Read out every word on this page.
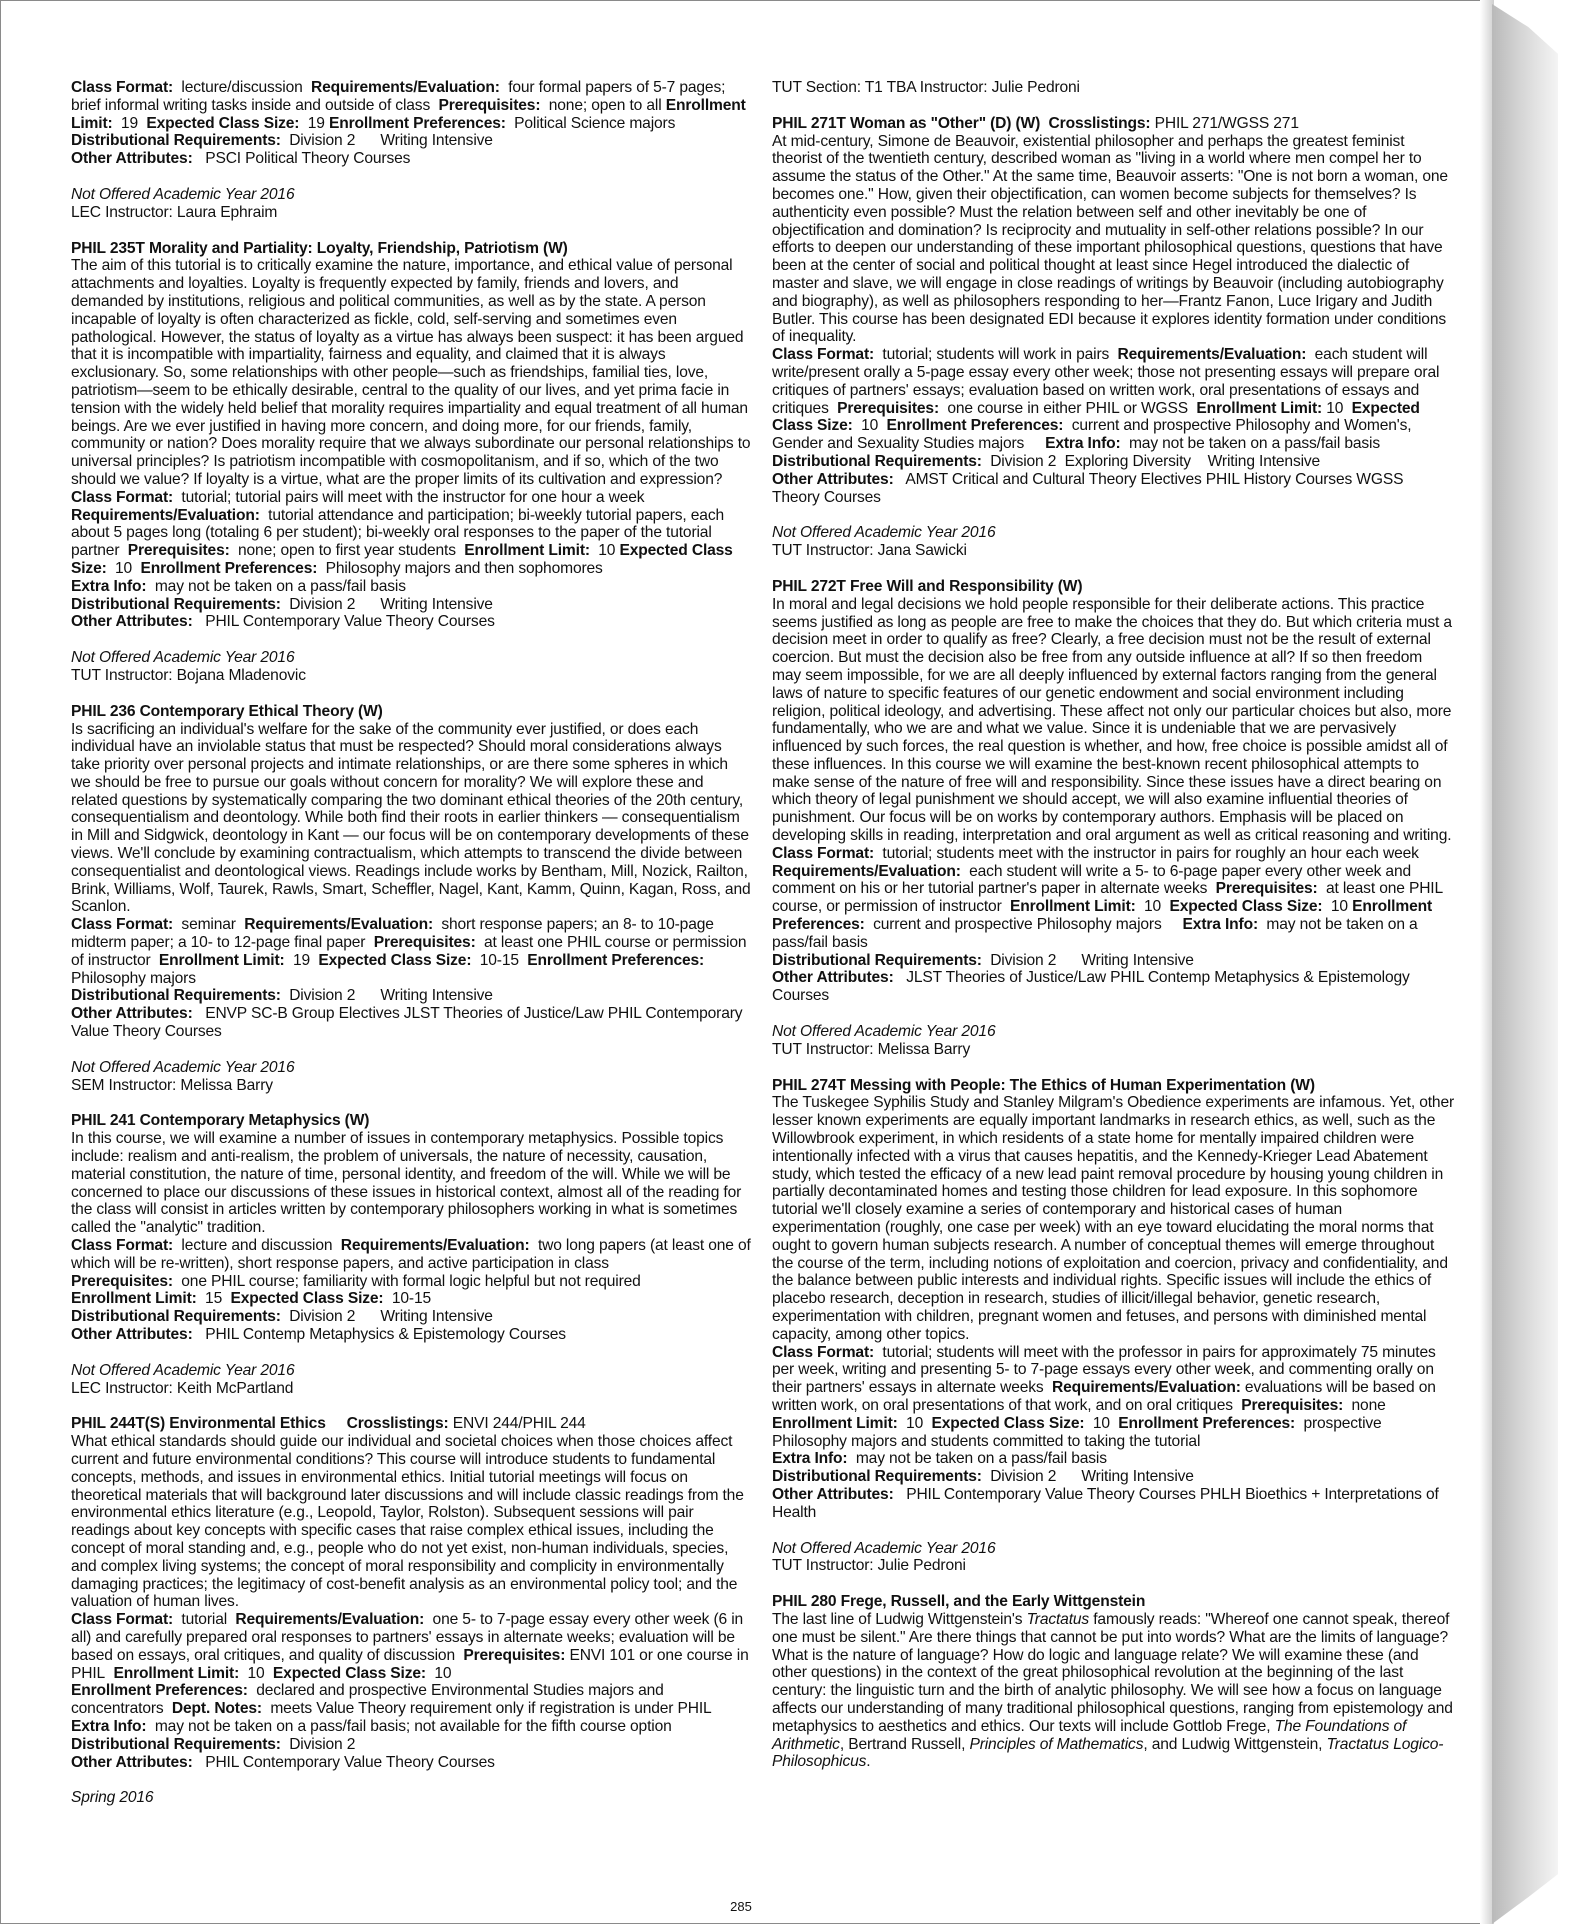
Class Format: lecture/discussion Requirements/Evaluation: four formal papers of 5-7 pages; brief informal writing tasks inside and outside of class Prerequisites: none; open to all Enrollment Limit: 19 Expected Class Size: 19 Enrollment Preferences: Political Science majors

Distributional Requirements: Division 2      Writing Intensive

Other Attributes: PSCI Political Theory Courses

Not Offered Academic Year 2016

LEC Instructor: Laura Ephraim

PHIL 235T Morality and Partiality: Loyalty, Friendship, Patriotism (W)

The aim of this tutorial is to critically examine the nature, importance, and ethical value of personal attachments and loyalties. Loyalty is frequently expected by family, friends and lovers, and demanded by institutions, religious and political communities, as well as by the state. A person incapable of loyalty is often characterized as fickle, cold, self-serving and sometimes even pathological. However, the status of loyalty as a virtue has always been suspect: it has been argued that it is incompatible with impartiality, fairness and equality, and claimed that it is always exclusionary. So, some relationships with other people—such as friendships, familial ties, love, patriotism—seem to be ethically desirable, central to the quality of our lives, and yet prima facie in tension with the widely held belief that morality requires impartiality and equal treatment of all human beings. Are we ever justified in having more concern, and doing more, for our friends, family, community or nation? Does morality require that we always subordinate our personal relationships to universal principles? Is patriotism incompatible with cosmopolitanism, and if so, which of the two should we value? If loyalty is a virtue, what are the proper limits of its cultivation and expression?

Class Format: tutorial; tutorial pairs will meet with the instructor for one hour a week Requirements/Evaluation: tutorial attendance and participation; bi-weekly tutorial papers, each about 5 pages long (totaling 6 per student); bi-weekly oral responses to the paper of the tutorial partner Prerequisites: none; open to first year students Enrollment Limit: 10 Expected Class Size: 10 Enrollment Preferences: Philosophy majors and then sophomores

Extra Info: may not be taken on a pass/fail basis

Distributional Requirements: Division 2      Writing Intensive

Other Attributes: PHIL Contemporary Value Theory Courses

Not Offered Academic Year 2016

TUT Instructor: Bojana Mladenovic

PHIL 236 Contemporary Ethical Theory (W)

Is sacrificing an individual's welfare for the sake of the community ever justified, or does each individual have an inviolable status that must be respected? Should moral considerations always take priority over personal projects and intimate relationships, or are there some spheres in which we should be free to pursue our goals without concern for morality? We will explore these and related questions by systematically comparing the two dominant ethical theories of the 20th century, consequentialism and deontology. While both find their roots in earlier thinkers — consequentialism in Mill and Sidgwick, deontology in Kant — our focus will be on contemporary developments of these views. We'll conclude by examining contractualism, which attempts to transcend the divide between consequentialist and deontological views. Readings include works by Bentham, Mill, Nozick, Railton, Brink, Williams, Wolf, Taurek, Rawls, Smart, Scheffler, Nagel, Kant, Kamm, Quinn, Kagan, Ross, and Scanlon.

Class Format: seminar Requirements/Evaluation: short response papers; an 8- to 10-page midterm paper; a 10- to 12-page final paper Prerequisites: at least one PHIL course or permission of instructor Enrollment Limit: 19 Expected Class Size: 10-15 Enrollment Preferences:  Philosophy majors

Distributional Requirements: Division 2      Writing Intensive

Other Attributes: ENVP SC-B Group Electives JLST Theories of Justice/Law PHIL Contemporary Value Theory Courses

Not Offered Academic Year 2016

SEM Instructor: Melissa Barry

PHIL 241 Contemporary Metaphysics (W)

In this course, we will examine a number of issues in contemporary metaphysics. Possible topics include: realism and anti-realism, the problem of universals, the nature of necessity, causation, material constitution, the nature of time, personal identity, and freedom of the will. While we will be concerned to place our discussions of these issues in historical context, almost all of the reading for the class will consist in articles written by contemporary philosophers working in what is sometimes called the "analytic" tradition.

Class Format: lecture and discussion Requirements/Evaluation: two long papers (at least one of which will be re-written), short response papers, and active participation in class

Prerequisites: one PHIL course; familiarity with formal logic helpful but not required

Enrollment Limit: 15 Expected Class Size: 10-15

Distributional Requirements: Division 2      Writing Intensive

Other Attributes: PHIL Contemp Metaphysics & Epistemology Courses

Not Offered Academic Year 2016

LEC Instructor: Keith McPartland

PHIL 244T(S) Environmental Ethics Crosslistings: ENVI 244/PHIL 244

What ethical standards should guide our individual and societal choices when those choices affect current and future environmental conditions? This course will introduce students to fundamental concepts, methods, and issues in environmental ethics. Initial tutorial meetings will focus on theoretical materials that will background later discussions and will include classic readings from the environmental ethics literature (e.g., Leopold, Taylor, Rolston). Subsequent sessions will pair readings about key concepts with specific cases that raise complex ethical issues, including the concept of moral standing and, e.g., people who do not yet exist, non-human individuals, species, and complex living systems; the concept of moral responsibility and complicity in environmentally damaging practices; the legitimacy of cost-benefit analysis as an environmental policy tool; and the valuation of human lives.

Class Format: tutorial Requirements/Evaluation: one 5- to 7-page essay every other week (6 in all) and carefully prepared oral responses to partners' essays in alternate weeks; evaluation will be based on essays, oral critiques, and quality of discussion Prerequisites: ENVI 101 or one course in PHIL Enrollment Limit: 10 Expected Class Size: 10

Enrollment Preferences: declared and prospective Environmental Studies majors and concentrators Dept. Notes: meets Value Theory requirement only if registration is under PHIL

Extra Info: may not be taken on a pass/fail basis; not available for the fifth course option

Distributional Requirements: Division 2

Other Attributes: PHIL Contemporary Value Theory Courses

Spring 2016

TUT Section: T1 TBA Instructor: Julie Pedroni

PHIL 271T Woman as "Other" (D) (W) Crosslistings: PHIL 271/WGSS 271

At mid-century, Simone de Beauvoir, existential philosopher and perhaps the greatest feminist theorist of the twentieth century, described woman as "living in a world where men compel her to assume the status of the Other." At the same time, Beauvoir asserts: "One is not born a woman, one becomes one." How, given their objectification, can women become subjects for themselves? Is authenticity even possible? Must the relation between self and other inevitably be one of objectification and domination? Is reciprocity and mutuality in self-other relations possible? In our efforts to deepen our understanding of these important philosophical questions, questions that have been at the center of social and political thought at least since Hegel introduced the dialectic of master and slave, we will engage in close readings of writings by Beauvoir (including autobiography and biography), as well as philosophers responding to her—Frantz Fanon, Luce Irigary and Judith Butler. This course has been designated EDI because it explores identity formation under conditions of inequality.

Class Format: tutorial; students will work in pairs Requirements/Evaluation: each student will write/present orally a 5-page essay every other week; those not presenting essays will prepare oral critiques of partners' essays; evaluation based on written work, oral presentations of essays and critiques Prerequisites: one course in either PHIL or WGSS Enrollment Limit: 10 Expected Class Size: 10 Enrollment Preferences: current and prospective Philosophy and Women's, Gender and Sexuality Studies majors Extra Info: may not be taken on a pass/fail basis

Distributional Requirements: Division 2  Exploring Diversity    Writing Intensive

Other Attributes: AMST Critical and Cultural Theory Electives PHIL History Courses WGSS Theory Courses

Not Offered Academic Year 2016

TUT Instructor: Jana Sawicki

PHIL 272T Free Will and Responsibility (W)

In moral and legal decisions we hold people responsible for their deliberate actions. This practice seems justified as long as people are free to make the choices that they do. But which criteria must a decision meet in order to qualify as free? Clearly, a free decision must not be the result of external coercion. But must the decision also be free from any outside influence at all? If so then freedom may seem impossible, for we are all deeply influenced by external factors ranging from the general laws of nature to specific features of our genetic endowment and social environment including religion, political ideology, and advertising. These affect not only our particular choices but also, more fundamentally, who we are and what we value. Since it is undeniable that we are pervasively influenced by such forces, the real question is whether, and how, free choice is possible amidst all of these influences. In this course we will examine the best-known recent philosophical attempts to make sense of the nature of free will and responsibility. Since these issues have a direct bearing on which theory of legal punishment we should accept, we will also examine influential theories of punishment. Our focus will be on works by contemporary authors. Emphasis will be placed on developing skills in reading, interpretation and oral argument as well as critical reasoning and writing.

Class Format: tutorial; students meet with the instructor in pairs for roughly an hour each week Requirements/Evaluation: each student will write a 5- to 6-page paper every other week and comment on his or her tutorial partner's paper in alternate weeks Prerequisites: at least one PHIL course, or permission of instructor Enrollment Limit: 10 Expected Class Size: 10 Enrollment Preferences: current and prospective Philosophy majors Extra Info: may not be taken on a pass/fail basis

Distributional Requirements: Division 2      Writing Intensive

Other Attributes: JLST Theories of Justice/Law PHIL Contemp Metaphysics & Epistemology Courses

Not Offered Academic Year 2016

TUT Instructor: Melissa Barry

PHIL 274T Messing with People: The Ethics of Human Experimentation (W)

The Tuskegee Syphilis Study and Stanley Milgram's Obedience experiments are infamous. Yet, other lesser known experiments are equally important landmarks in research ethics, as well, such as the Willowbrook experiment, in which residents of a state home for mentally impaired children were intentionally infected with a virus that causes hepatitis, and the Kennedy-Krieger Lead Abatement study, which tested the efficacy of a new lead paint removal procedure by housing young children in partially decontaminated homes and testing those children for lead exposure. In this sophomore tutorial we'll closely examine a series of contemporary and historical cases of human experimentation (roughly, one case per week) with an eye toward elucidating the moral norms that ought to govern human subjects research. A number of conceptual themes will emerge throughout the course of the term, including notions of exploitation and coercion, privacy and confidentiality, and the balance between public interests and individual rights. Specific issues will include the ethics of placebo research, deception in research, studies of illicit/illegal behavior, genetic research, experimentation with children, pregnant women and fetuses, and persons with diminished mental capacity, among other topics.

Class Format: tutorial; students will meet with the professor in pairs for approximately 75 minutes per week, writing and presenting 5- to 7-page essays every other week, and commenting orally on their partners' essays in alternate weeks Requirements/Evaluation: evaluations will be based on written work, on oral presentations of that work, and on oral critiques Prerequisites: none  Enrollment Limit: 10 Expected Class Size: 10 Enrollment Preferences: prospective Philosophy majors and students committed to taking the tutorial

Extra Info: may not be taken on a pass/fail basis

Distributional Requirements: Division 2      Writing Intensive

Other Attributes: PHIL Contemporary Value Theory Courses PHLH Bioethics + Interpretations of Health

Not Offered Academic Year 2016

TUT Instructor: Julie Pedroni

PHIL 280 Frege, Russell, and the Early Wittgenstein

The last line of Ludwig Wittgenstein's Tractatus famously reads: "Whereof one cannot speak, thereof one must be silent." Are there things that cannot be put into words? What are the limits of language? What is the nature of language? How do logic and language relate? We will examine these (and other questions) in the context of the great philosophical revolution at the beginning of the last century: the linguistic turn and the birth of analytic philosophy. We will see how a focus on language affects our understanding of many traditional philosophical questions, ranging from epistemology and metaphysics to aesthetics and ethics. Our texts will include Gottlob Frege, The Foundations of Arithmetic, Bertrand Russell, Principles of Mathematics, and Ludwig Wittgenstein, Tractatus Logico-Philosophicus.

285
